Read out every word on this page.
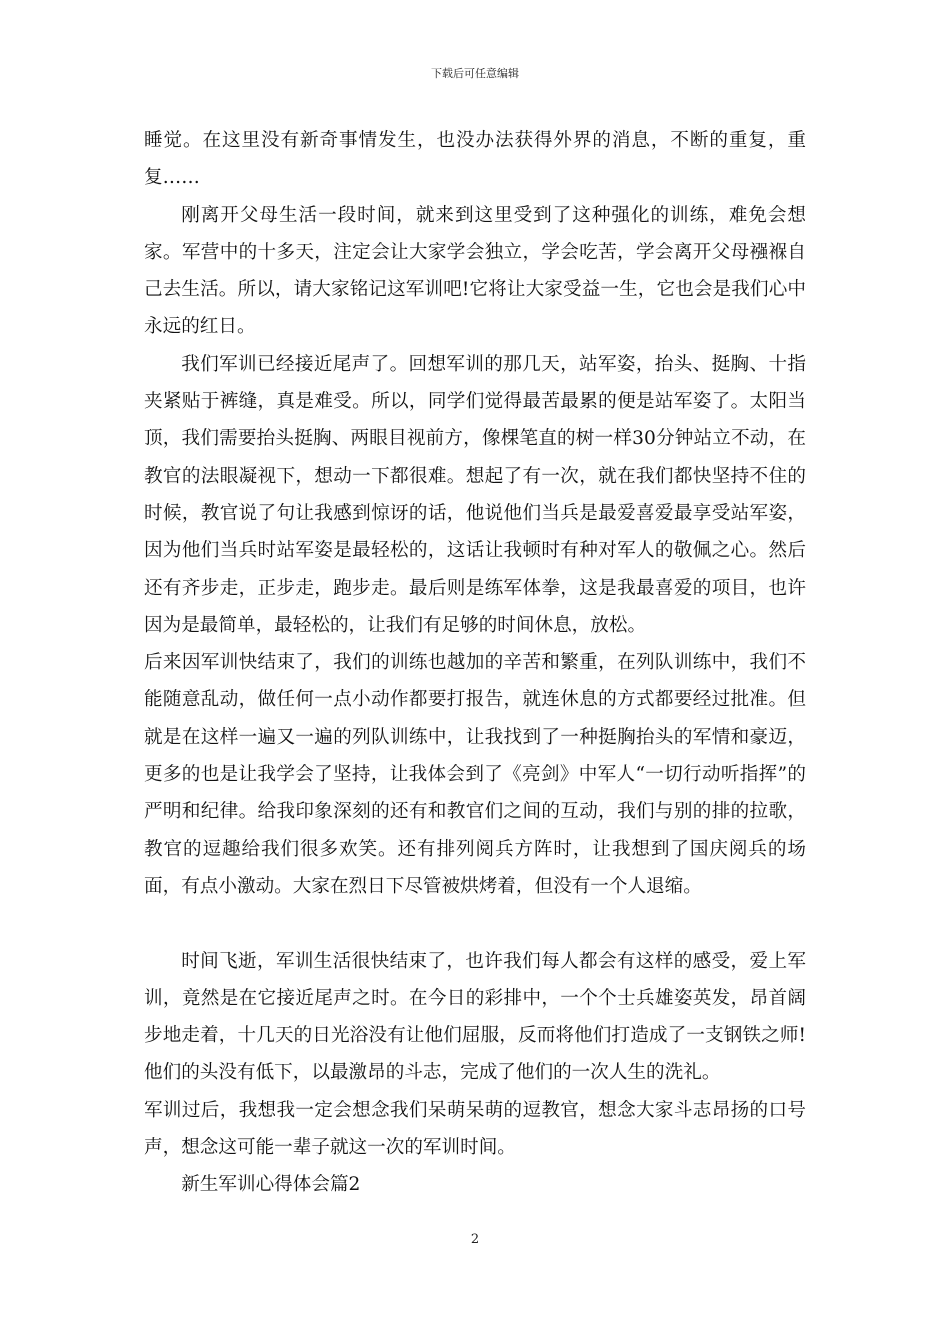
下载后可任意编辑

睡觉。在这里没有新奇事情发生，也没办法获得外界的消息，不断的重复，重复……

刚离开父母生活一段时间，就来到这里受到了这种强化的训练，难免会想家。军营中的十多天，注定会让大家学会独立，学会吃苦，学会离开父母襁褓自己去生活。所以，请大家铭记这军训吧!它将让大家受益一生，它也会是我们心中永远的红日。

我们军训已经接近尾声了。回想军训的那几天，站军姿，抬头、挺胸、十指夹紧贴于裤缝，真是难受。所以，同学们觉得最苦最累的便是站军姿了。太阳当顶，我们需要抬头挺胸、两眼目视前方，像棵笔直的树一样30分钟站立不动，在教官的法眼凝视下，想动一下都很难。想起了有一次，就在我们都快坚持不住的时候，教官说了句让我感到惊讶的话，他说他们当兵是最爱喜爱最享受站军姿，因为他们当兵时站军姿是最轻松的，这话让我顿时有种对军人的敬佩之心。然后还有齐步走，正步走，跑步走。最后则是练军体拳，这是我最喜爱的项目，也许因为是最简单，最轻松的，让我们有足够的时间休息，放松。

后来因军训快结束了，我们的训练也越加的辛苦和繁重，在列队训练中，我们不能随意乱动，做任何一点小动作都要打报告，就连休息的方式都要经过批准。但就是在这样一遍又一遍的列队训练中，让我找到了一种挺胸抬头的军情和豪迈，更多的也是让我学会了坚持，让我体会到了《亮剑》中军人“一切行动听指挥”的严明和纪律。给我印象深刻的还有和教官们之间的互动，我们与别的排的拉歌，教官的逗趣给我们很多欢笑。还有排列阅兵方阵时，让我想到了国庆阅兵的场面，有点小激动。大家在烈日下尽管被烘烤着，但没有一个人退缩。

时间飞逝，军训生活很快结束了，也许我们每人都会有这样的感受，爱上军训，竟然是在它接近尾声之时。在今日的彩排中，一个个士兵雄姿英发，昂首阔步地走着，十几天的日光浴没有让他们屈服，反而将他们打造成了一支钢铁之师!他们的头没有低下，以最激昂的斗志，完成了他们的一次人生的洗礼。

军训过后，我想我一定会想念我们呆萌呆萌的逗教官，想念大家斗志昂扬的口号声，想念这可能一辈子就这一次的军训时间。

新生军训心得体会篇2

2
